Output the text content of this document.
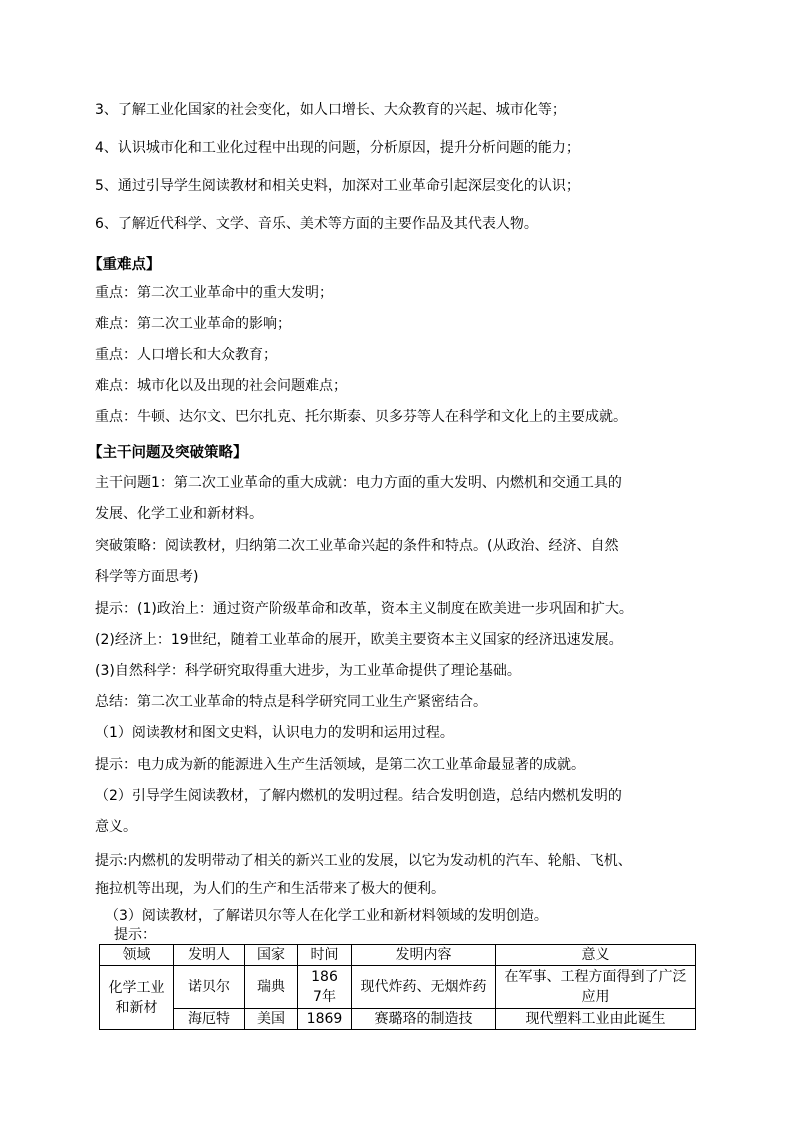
3、了解工业化国家的社会变化，如人口增长、大众教育的兴起、城市化等；
4、认识城市化和工业化过程中出现的问题，分析原因，提升分析问题的能力；
5、通过引导学生阅读教材和相关史料，加深对工业革命引起深层变化的认识；
6、了解近代科学、文学、音乐、美术等方面的主要作品及其代表人物。
【重难点】
重点：第二次工业革命中的重大发明；
难点：第二次工业革命的影响；
重点：人口增长和大众教育；
难点：城市化以及出现的社会问题难点；
重点：牛顿、达尔文、巴尔扎克、托尔斯泰、贝多芬等人在科学和文化上的主要成就。
【主干问题及突破策略】
主干问题1：第二次工业革命的重大成就：电力方面的重大发明、内燃机和交通工具的
发展、化学工业和新材料。
突破策略：阅读教材，归纳第二次工业革命兴起的条件和特点。(从政治、经济、自然
科学等方面思考)
提示：(1)政治上：通过资产阶级革命和改革，资本主义制度在欧美进一步巩固和扩大。
(2)经济上：19世纪，随着工业革命的展开，欧美主要资本主义国家的经济迅速发展。
(3)自然科学：科学研究取得重大进步，为工业革命提供了理论基础。
总结：第二次工业革命的特点是科学研究同工业生产紧密结合。
（1）阅读教材和图文史料，认识电力的发明和运用过程。
提示：电力成为新的能源进入生产生活领域，是第二次工业革命最显著的成就。
（2）引导学生阅读教材，了解内燃机的发明过程。结合发明创造，总结内燃机发明的
意义。
提示:内燃机的发明带动了相关的新兴工业的发展，以它为发动机的汽车、轮船、飞机、
拖拉机等出现，为人们的生产和生活带来了极大的便利。
（3）阅读教材，了解诺贝尔等人在化学工业和新材料领域的发明创造。
提示：
领域	发明人	国家	时间	发明内容	意义
化学工业和新材	诺贝尔	瑞典	1867年	现代炸药、无烟炸药	在军事、工程方面得到了广泛应用
	海厄特	美国	1869	赛璐珞的制造技	现代塑料工业由此诞生
